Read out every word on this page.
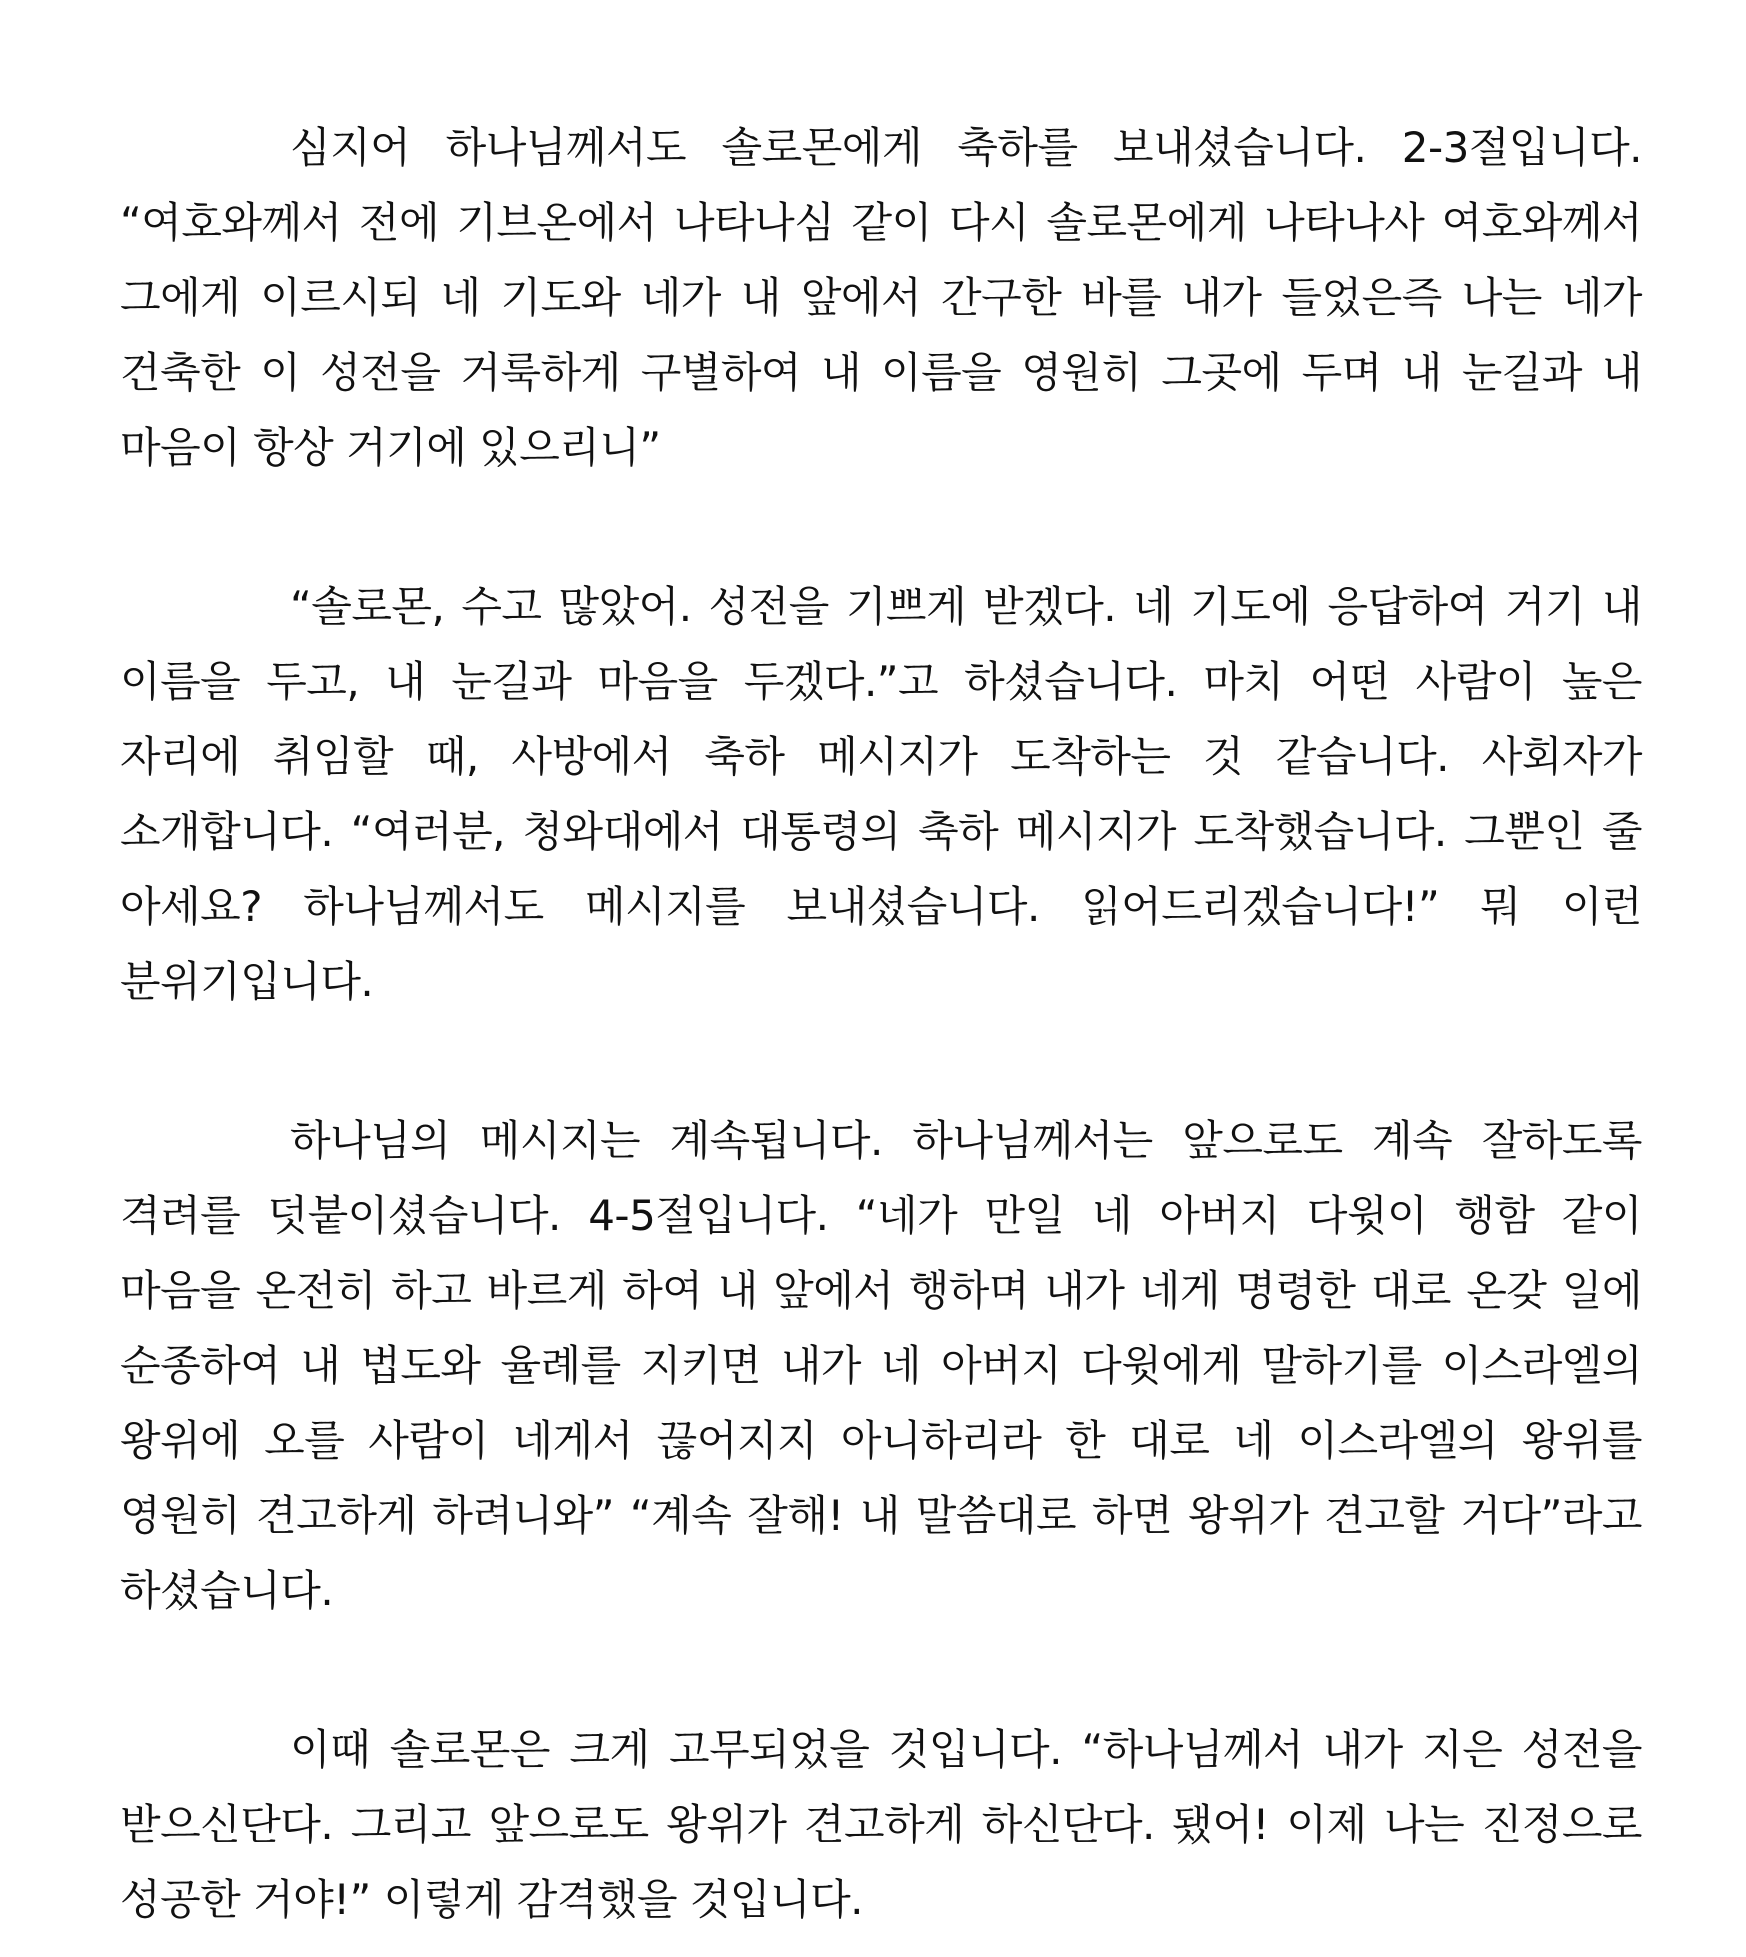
심지어 하나님께서도 솔로몬에게 축하를 보내셨습니다. 2-3절입니다. “여호와께서 전에 기브온에서 나타나심 같이 다시 솔로몬에게 나타나사 여호와께서 그에게 이르시되 네 기도와 네가 내 앞에서 간구한 바를 내가 들었은즉 나는 네가 건축한 이 성전을 거룩하게 구별하여 내 이름을 영원히 그곳에 두며 내 눈길과 내 마음이 항상 거기에 있으리니”

“솔로몬, 수고 많았어. 성전을 기쁘게 받겠다. 네 기도에 응답하여 거기 내 이름을 두고, 내 눈길과 마음을 두겠다.”고 하셨습니다. 마치 어떤 사람이 높은 자리에 취임할 때, 사방에서 축하 메시지가 도착하는 것 같습니다. 사회자가 소개합니다. “여러분, 청와대에서 대통령의 축하 메시지가 도착했습니다. 그뿐인 줄 아세요? 하나님께서도 메시지를 보내셨습니다. 읽어드리겠습니다!” 뭐 이런 분위기입니다.

하나님의 메시지는 계속됩니다. 하나님께서는 앞으로도 계속 잘하도록 격려를 덧붙이셨습니다. 4-5절입니다. “네가 만일 네 아버지 다윗이 행함 같이 마음을 온전히 하고 바르게 하여 내 앞에서 행하며 내가 네게 명령한 대로 온갖 일에 순종하여 내 법도와 율례를 지키면 내가 네 아버지 다윗에게 말하기를 이스라엘의 왕위에 오를 사람이 네게서 끊어지지 아니하리라 한 대로 네 이스라엘의 왕위를 영원히 견고하게 하려니와” “계속 잘해! 내 말씀대로 하면 왕위가 견고할 거다”라고 하셨습니다.

이때 솔로몬은 크게 고무되었을 것입니다. “하나님께서 내가 지은 성전을 받으신단다. 그리고 앞으로도 왕위가 견고하게 하신단다. 됐어! 이제 나는 진정으로 성공한 거야!” 이렇게 감격했을 것입니다.
